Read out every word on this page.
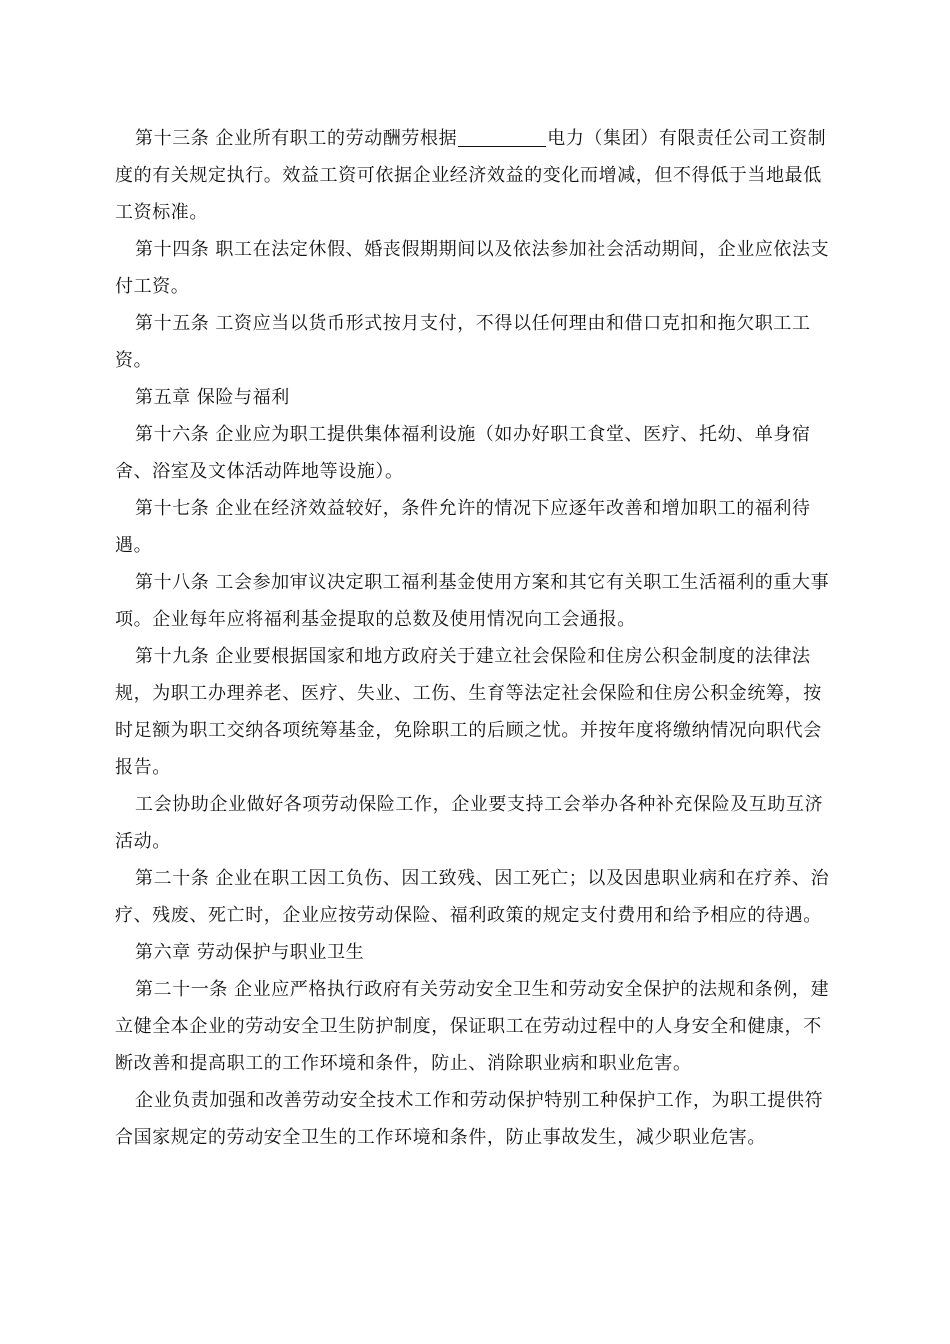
第十三条 企业所有职工的劳动酬劳根据	电力（集团）有限责任公司工资制度的有关规定执行。效益工资可依据企业经济效益的变化而增减，但不得低于当地最低工资标准。

第十四条 职工在法定休假、婚丧假期期间以及依法参加社会活动期间，企业应依法支付工资。

第十五条 工资应当以货币形式按月支付，不得以任何理由和借口克扣和拖欠职工工资。

第五章 保险与福利

第十六条 企业应为职工提供集体福利设施（如办好职工食堂、医疗、托幼、单身宿舍、浴室及文体活动阵地等设施）。

第十七条 企业在经济效益较好，条件允许的情况下应逐年改善和增加职工的福利待遇。

第十八条 工会参加审议决定职工福利基金使用方案和其它有关职工生活福利的重大事项。企业每年应将福利基金提取的总数及使用情况向工会通报。

第十九条 企业要根据国家和地方政府关于建立社会保险和住房公积金制度的法律法规，为职工办理养老、医疗、失业、工伤、生育等法定社会保险和住房公积金统筹，按时足额为职工交纳各项统筹基金，免除职工的后顾之忧。并按年度将缴纳情况向职代会报告。

工会协助企业做好各项劳动保险工作，企业要支持工会举办各种补充保险及互助互济活动。

第二十条 企业在职工因工负伤、因工致残、因工死亡；以及因患职业病和在疗养、治疗、残废、死亡时，企业应按劳动保险、福利政策的规定支付费用和给予相应的待遇。

第六章 劳动保护与职业卫生

第二十一条 企业应严格执行政府有关劳动安全卫生和劳动安全保护的法规和条例，建立健全本企业的劳动安全卫生防护制度，保证职工在劳动过程中的人身安全和健康，不断改善和提高职工的工作环境和条件，防止、消除职业病和职业危害。

企业负责加强和改善劳动安全技术工作和劳动保护特别工种保护工作，为职工提供符合国家规定的劳动安全卫生的工作环境和条件，防止事故发生，减少职业危害。
